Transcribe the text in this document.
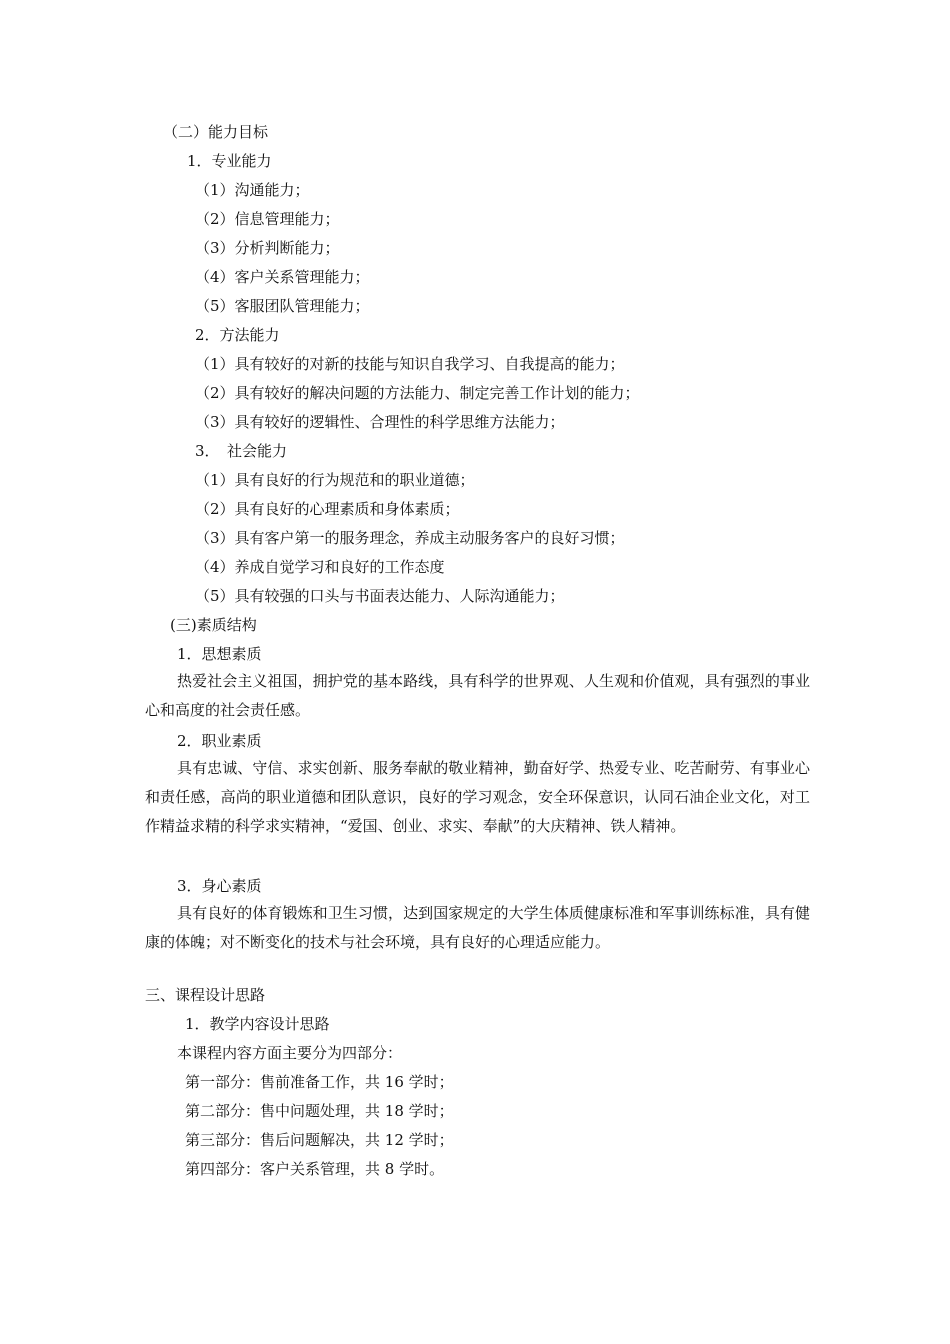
（二）能力目标

1．专业能力

（1）沟通能力；

（2）信息管理能力；

（3）分析判断能力；

（4）客户关系管理能力；

（5）客服团队管理能力；

2．方法能力

（1）具有较好的对新的技能与知识自我学习、自我提高的能力；

（2）具有较好的解决问题的方法能力、制定完善工作计划的能力；

（3）具有较好的逻辑性、合理性的科学思维方法能力；

3．　社会能力

（1）具有良好的行为规范和的职业道德；

（2）具有良好的心理素质和身体素质；

（3）具有客户第一的服务理念，养成主动服务客户的良好习惯；

（4）养成自觉学习和良好的工作态度

（5）具有较强的口头与书面表达能力、人际沟通能力；

(三)素质结构

1．思想素质

热爱社会主义祖国，拥护党的基本路线，具有科学的世界观、人生观和价值观，具有强烈的事业心和高度的社会责任感。

2．职业素质

具有忠诚、守信、求实创新、服务奉献的敬业精神，勤奋好学、热爱专业、吃苦耐劳、有事业心和责任感，高尚的职业道德和团队意识，良好的学习观念，安全环保意识，认同石油企业文化，对工作精益求精的科学求实精神，“爱国、创业、求实、奉献”的大庆精神、铁人精神。

3．身心素质

具有良好的体育锻炼和卫生习惯，达到国家规定的大学生体质健康标准和军事训练标准，具有健康的体魄；对不断变化的技术与社会环境，具有良好的心理适应能力。

三、课程设计思路

1．教学内容设计思路

本课程内容方面主要分为四部分：

第一部分：售前准备工作，共 16 学时；

第二部分：售中问题处理，共 18 学时；

第三部分：售后问题解决，共 12 学时；

第四部分：客户关系管理，共 8 学时。
